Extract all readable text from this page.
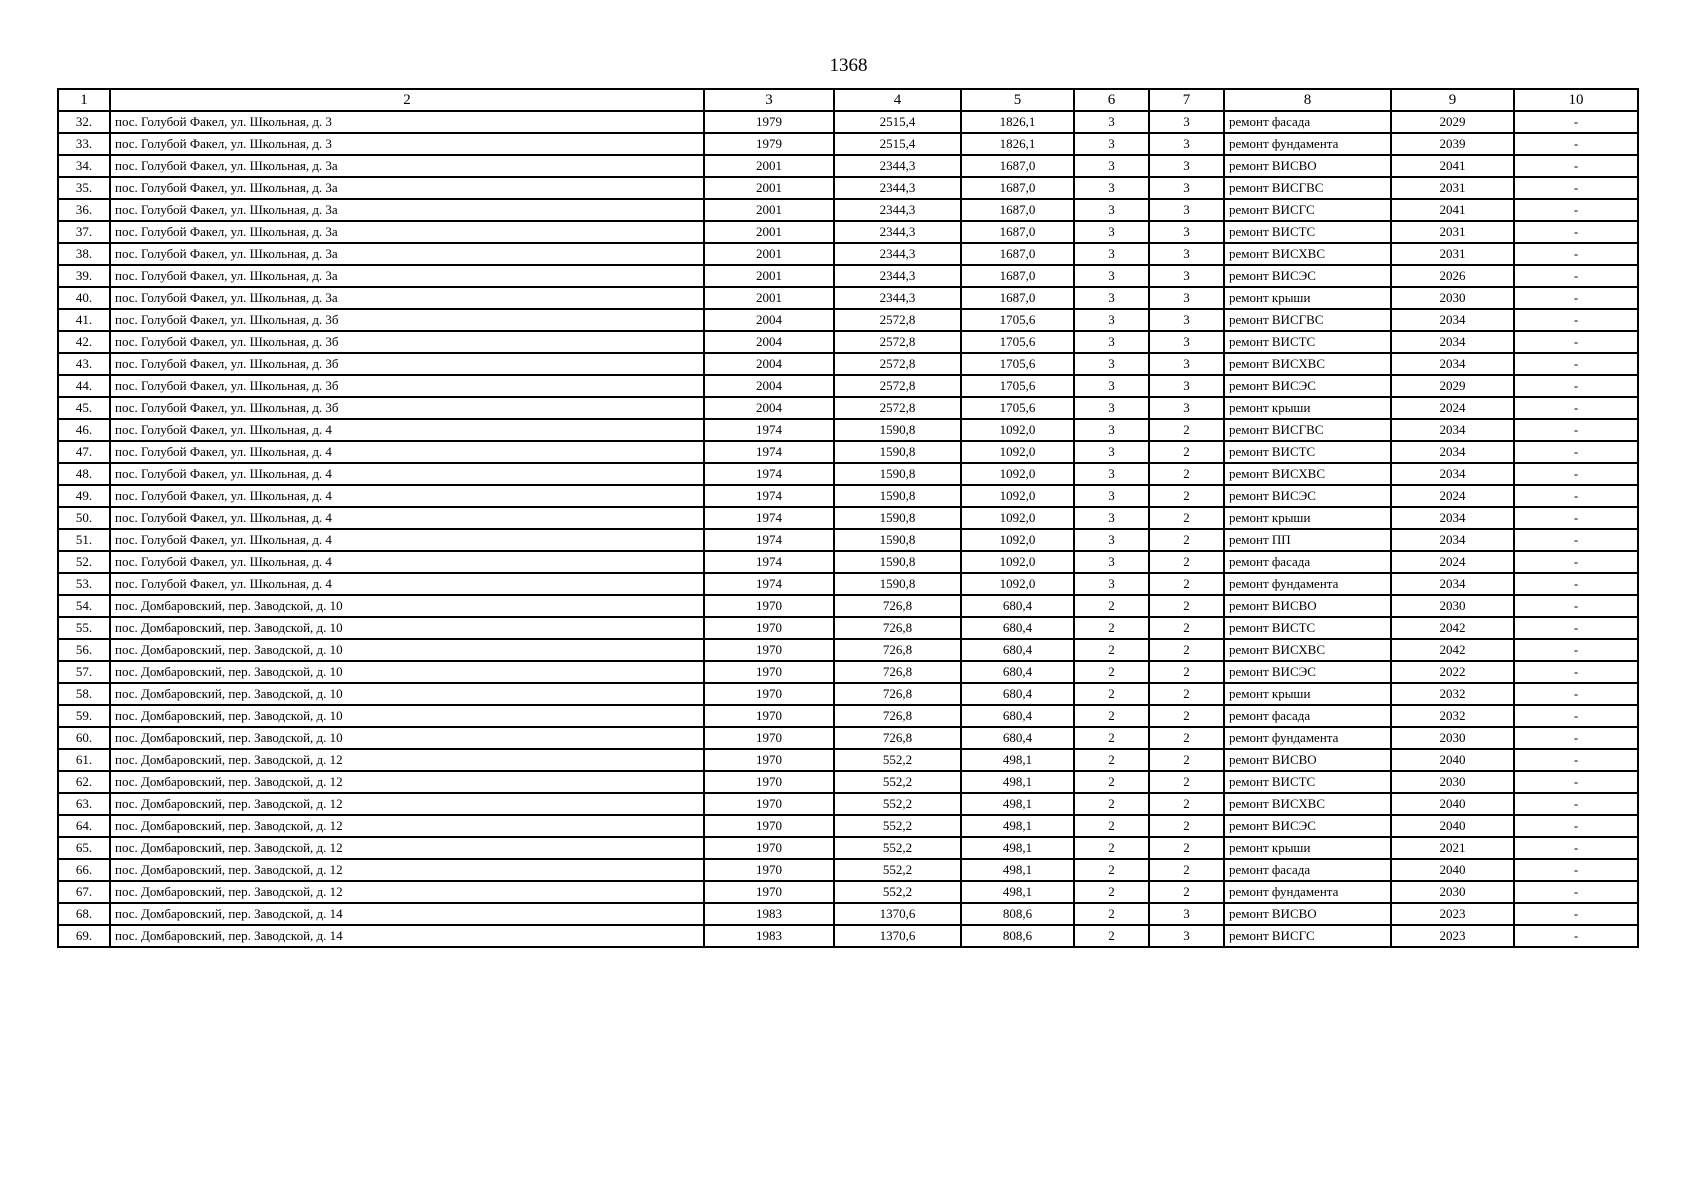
1368
1	2	3	4	5	6	7	8	9	10
32.	пос. Голубой Факел, ул. Школьная, д. 3	1979	2515,4	1826,1	3	3	ремонт фасада	2029	-
33.	пос. Голубой Факел, ул. Школьная, д. 3	1979	2515,4	1826,1	3	3	ремонт фундамента	2039	-
34.	пос. Голубой Факел, ул. Школьная, д. 3а	2001	2344,3	1687,0	3	3	ремонт ВИСВО	2041	-
35.	пос. Голубой Факел, ул. Школьная, д. 3а	2001	2344,3	1687,0	3	3	ремонт ВИСГВС	2031	-
36.	пос. Голубой Факел, ул. Школьная, д. 3а	2001	2344,3	1687,0	3	3	ремонт ВИСГС	2041	-
37.	пос. Голубой Факел, ул. Школьная, д. 3а	2001	2344,3	1687,0	3	3	ремонт ВИСТС	2031	-
38.	пос. Голубой Факел, ул. Школьная, д. 3а	2001	2344,3	1687,0	3	3	ремонт ВИСХВС	2031	-
39.	пос. Голубой Факел, ул. Школьная, д. 3а	2001	2344,3	1687,0	3	3	ремонт ВИСЭС	2026	-
40.	пос. Голубой Факел, ул. Школьная, д. 3а	2001	2344,3	1687,0	3	3	ремонт крыши	2030	-
41.	пос. Голубой Факел, ул. Школьная, д. 3б	2004	2572,8	1705,6	3	3	ремонт ВИСГВС	2034	-
42.	пос. Голубой Факел, ул. Школьная, д. 3б	2004	2572,8	1705,6	3	3	ремонт ВИСТС	2034	-
43.	пос. Голубой Факел, ул. Школьная, д. 3б	2004	2572,8	1705,6	3	3	ремонт ВИСХВС	2034	-
44.	пос. Голубой Факел, ул. Школьная, д. 3б	2004	2572,8	1705,6	3	3	ремонт ВИСЭС	2029	-
45.	пос. Голубой Факел, ул. Школьная, д. 3б	2004	2572,8	1705,6	3	3	ремонт крыши	2024	-
46.	пос. Голубой Факел, ул. Школьная, д. 4	1974	1590,8	1092,0	3	2	ремонт ВИСГВС	2034	-
47.	пос. Голубой Факел, ул. Школьная, д. 4	1974	1590,8	1092,0	3	2	ремонт ВИСТС	2034	-
48.	пос. Голубой Факел, ул. Школьная, д. 4	1974	1590,8	1092,0	3	2	ремонт ВИСХВС	2034	-
49.	пос. Голубой Факел, ул. Школьная, д. 4	1974	1590,8	1092,0	3	2	ремонт ВИСЭС	2024	-
50.	пос. Голубой Факел, ул. Школьная, д. 4	1974	1590,8	1092,0	3	2	ремонт крыши	2034	-
51.	пос. Голубой Факел, ул. Школьная, д. 4	1974	1590,8	1092,0	3	2	ремонт ПП	2034	-
52.	пос. Голубой Факел, ул. Школьная, д. 4	1974	1590,8	1092,0	3	2	ремонт фасада	2024	-
53.	пос. Голубой Факел, ул. Школьная, д. 4	1974	1590,8	1092,0	3	2	ремонт фундамента	2034	-
54.	пос. Домбаровский, пер. Заводской, д. 10	1970	726,8	680,4	2	2	ремонт ВИСВО	2030	-
55.	пос. Домбаровский, пер. Заводской, д. 10	1970	726,8	680,4	2	2	ремонт ВИСТС	2042	-
56.	пос. Домбаровский, пер. Заводской, д. 10	1970	726,8	680,4	2	2	ремонт ВИСХВС	2042	-
57.	пос. Домбаровский, пер. Заводской, д. 10	1970	726,8	680,4	2	2	ремонт ВИСЭС	2022	-
58.	пос. Домбаровский, пер. Заводской, д. 10	1970	726,8	680,4	2	2	ремонт крыши	2032	-
59.	пос. Домбаровский, пер. Заводской, д. 10	1970	726,8	680,4	2	2	ремонт фасада	2032	-
60.	пос. Домбаровский, пер. Заводской, д. 10	1970	726,8	680,4	2	2	ремонт фундамента	2030	-
61.	пос. Домбаровский, пер. Заводской, д. 12	1970	552,2	498,1	2	2	ремонт ВИСВО	2040	-
62.	пос. Домбаровский, пер. Заводской, д. 12	1970	552,2	498,1	2	2	ремонт ВИСТС	2030	-
63.	пос. Домбаровский, пер. Заводской, д. 12	1970	552,2	498,1	2	2	ремонт ВИСХВС	2040	-
64.	пос. Домбаровский, пер. Заводской, д. 12	1970	552,2	498,1	2	2	ремонт ВИСЭС	2040	-
65.	пос. Домбаровский, пер. Заводской, д. 12	1970	552,2	498,1	2	2	ремонт крыши	2021	-
66.	пос. Домбаровский, пер. Заводской, д. 12	1970	552,2	498,1	2	2	ремонт фасада	2040	-
67.	пос. Домбаровский, пер. Заводской, д. 12	1970	552,2	498,1	2	2	ремонт фундамента	2030	-
68.	пос. Домбаровский, пер. Заводской, д. 14	1983	1370,6	808,6	2	3	ремонт ВИСВО	2023	-
69.	пос. Домбаровский, пер. Заводской, д. 14	1983	1370,6	808,6	2	3	ремонт ВИСГС	2023	-
